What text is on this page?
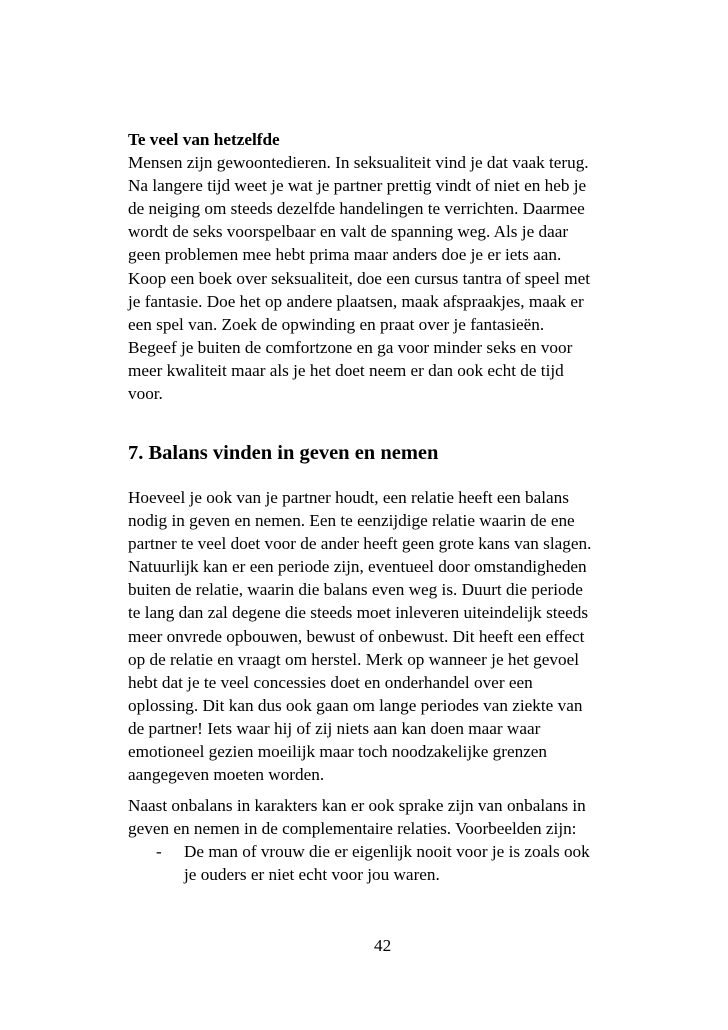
Te veel van hetzelfde

Mensen zijn gewoontedieren. In seksualiteit vind je dat vaak terug.

Na langere tijd weet je wat je partner prettig vindt of niet en heb je

de neiging om steeds dezelfde handelingen te verrichten. Daarmee

wordt de seks voorspelbaar en valt de spanning weg. Als je daar

geen problemen mee hebt prima maar anders doe je er iets aan.

Koop een boek over seksualiteit, doe een cursus tantra of speel met

je fantasie. Doe het op andere plaatsen, maak afspraakjes, maak er

een spel van. Zoek de opwinding en praat over je fantasieën.

Begeef je buiten de comfortzone en ga voor minder seks en voor

meer kwaliteit maar als je het doet neem er dan ook echt de tijd

voor.

7. Balans vinden in geven en nemen

Hoeveel je ook van je partner houdt, een relatie heeft een balans

nodig in geven en nemen. Een te eenzijdige relatie waarin de ene

partner te veel doet voor de ander heeft geen grote kans van slagen.

Natuurlijk kan er een periode zijn, eventueel door omstandigheden

buiten de relatie, waarin die balans even weg is. Duurt die periode

te lang dan zal degene die steeds moet inleveren uiteindelijk steeds

meer onvrede opbouwen, bewust of onbewust. Dit heeft een effect

op de relatie en vraagt om herstel. Merk op wanneer je het gevoel

hebt dat je te veel concessies doet en onderhandel over een

oplossing. Dit kan dus ook gaan om lange periodes van ziekte van

de partner! Iets waar hij of zij niets aan kan doen maar waar

emotioneel gezien moeilijk maar toch noodzakelijke grenzen

aangegeven moeten worden.

Naast onbalans in karakters kan er ook sprake zijn van onbalans in

geven en nemen in de complementaire relaties. Voorbeelden zijn:

- De man of vrouw die er eigenlijk nooit voor je is zoals ook

je ouders er niet echt voor jou waren.

42
